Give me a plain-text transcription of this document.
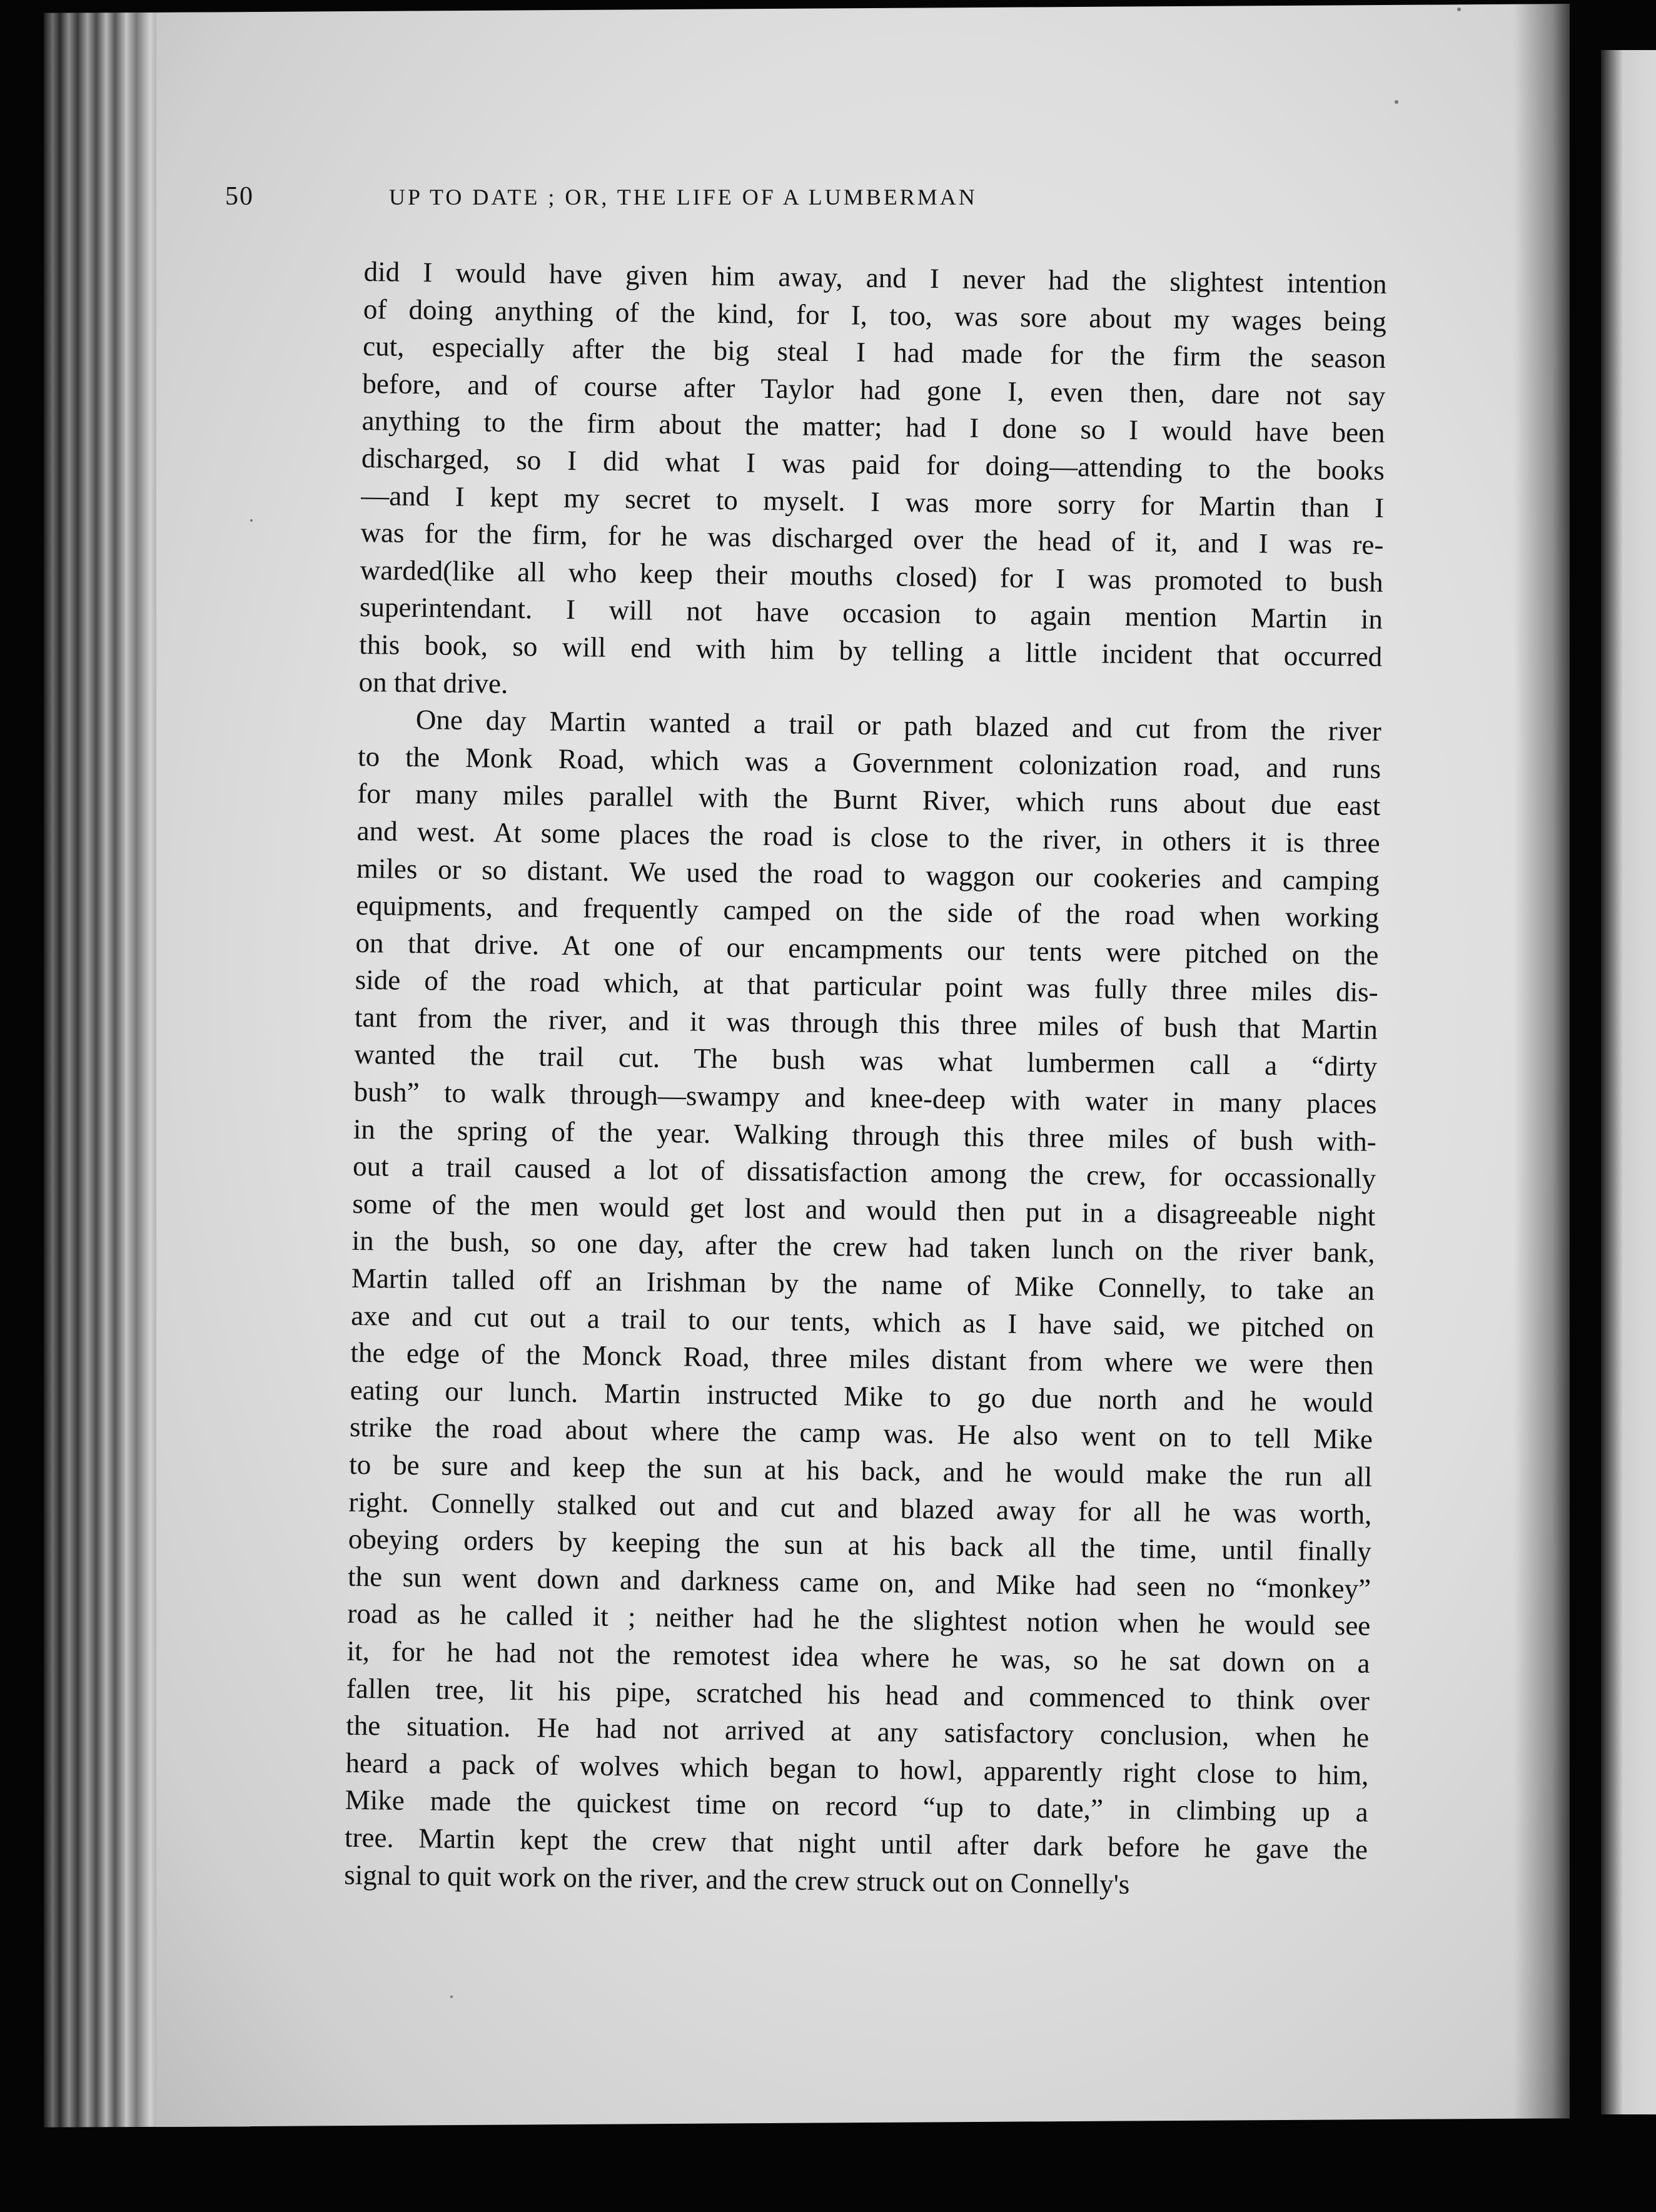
50	UP TO DATE ; OR, THE LIFE OF A LUMBERMAN
did I would have given him away, and I never had the slightest intention
of doing anything of the kind, for I, too, was sore about my wages being
cut, especially after the big steal I had made for the firm the season
before, and of course after Taylor had gone I, even then, dare not say
anything to the firm about the matter; had I done so I would have been
discharged, so I did what I was paid for doing—attending to the books
—and I kept my secret to myselt. I was more sorry for Martin than I
was for the firm, for he was discharged over the head of it, and I was re-
warded(like all who keep their mouths closed) for I was promoted to bush
superintendant. I will not have occasion to again mention Martin in
this book, so will end with him by telling a little incident that occurred
on that drive.
One day Martin wanted a trail or path blazed and cut from the river
to the Monk Road, which was a Government colonization road, and runs
for many miles parallel with the Burnt River, which runs about due east
and west. At some places the road is close to the river, in others it is three
miles or so distant. We used the road to waggon our cookeries and camping
equipments, and frequently camped on the side of the road when working
on that drive. At one of our encampments our tents were pitched on the
side of the road which, at that particular point was fully three miles dis-
tant from the river, and it was through this three miles of bush that Martin
wanted the trail cut. The bush was what lumbermen call a “dirty
bush” to walk through—swampy and knee-deep with water in many places
in the spring of the year. Walking through this three miles of bush with-
out a trail caused a lot of dissatisfaction among the crew, for occassionally
some of the men would get lost and would then put in a disagreeable night
in the bush, so one day, after the crew had taken lunch on the river bank,
Martin talled off an Irishman by the name of Mike Connelly, to take an
axe and cut out a trail to our tents, which as I have said, we pitched on
the edge of the Monck Road, three miles distant from where we were then
eating our lunch. Martin instructed Mike to go due north and he would
strike the road about where the camp was. He also went on to tell Mike
to be sure and keep the sun at his back, and he would make the run all
right. Connelly stalked out and cut and blazed away for all he was worth,
obeying orders by keeping the sun at his back all the time, until finally
the sun went down and darkness came on, and Mike had seen no “monkey”
road as he called it ; neither had he the slightest notion when he would see
it, for he had not the remotest idea where he was, so he sat down on a
fallen tree, lit his pipe, scratched his head and commenced to think over
the situation. He had not arrived at any satisfactory conclusion, when he
heard a pack of wolves which began to howl, apparently right close to him,
Mike made the quickest time on record “up to date,” in climbing up a
tree. Martin kept the crew that night until after dark before he gave the
signal to quit work on the river, and the crew struck out on Connelly's
